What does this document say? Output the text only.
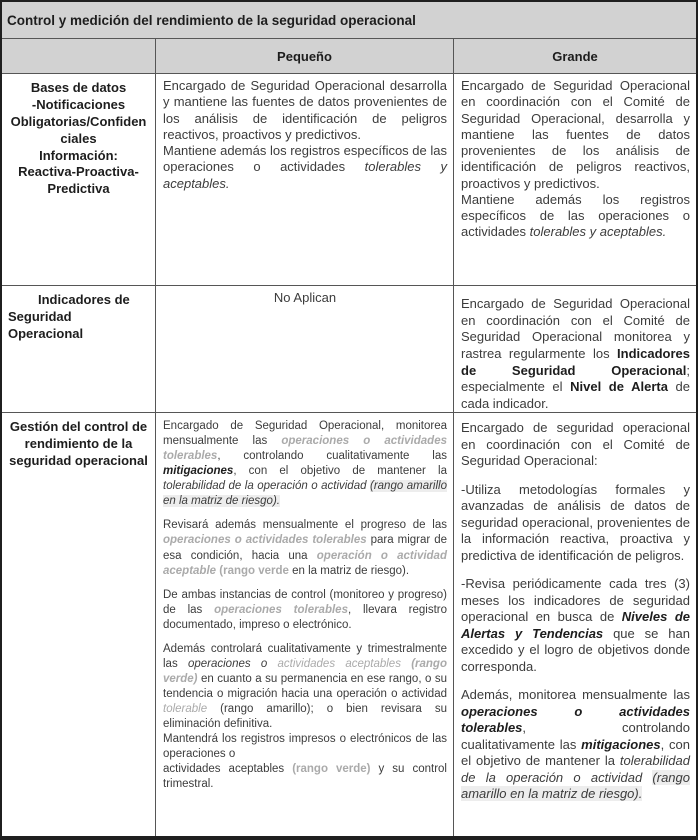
Control y medición del rendimiento de la seguridad operacional
Pequeño	Grande
Bases de datos
-Notificaciones Obligatorias/Confidenciales
Información:
Reactiva-Proactiva-Predictiva
Encargado de Seguridad Operacional desarrolla y mantiene las fuentes de datos provenientes de los análisis de identificación de peligros reactivos, proactivos y predictivos.
Mantiene además los registros específicos de las operaciones o actividades tolerables y aceptables.
Encargado de Seguridad Operacional en coordinación con el Comité de Seguridad Operacional, desarrolla y mantiene las fuentes de datos provenientes de los análisis de identificación de peligros reactivos, proactivos y predictivos.
Mantiene además los registros específicos de las operaciones o actividades tolerables y aceptables.
Indicadores de Seguridad Operacional
No Aplican	Encargado de Seguridad Operacional en coordinación con el Comité de Seguridad Operacional monitorea y rastrea regularmente los Indicadores de Seguridad Operacional; especialmente el Nivel de Alerta de cada indicador.
Gestión del control de rendimiento de la seguridad operacional
Encargado de Seguridad Operacional, monitorea mensualmente las operaciones o actividades tolerables, controlando cualitativamente las mitigaciones, con el objetivo de mantener la tolerabilidad de la operación o actividad (rango amarillo en la matriz de riesgo).
Revisará además mensualmente el progreso de las operaciones o actividades tolerables para migrar de esa condición, hacia una operación o actividad aceptable (rango verde en la matriz de riesgo).
De ambas instancias de control (monitoreo y progreso) de las operaciones tolerables, llevara registro documentado, impreso o electrónico.
Además controlará cualitativamente y trimestralmente las operaciones o actividades aceptables (rango verde) en cuanto a su permanencia en ese rango, o su tendencia o migración hacia una operación o actividad tolerable (rango amarillo); o bien revisara su eliminación definitiva.
Mantendrá los registros impresos o electrónicos de las operaciones o
actividades aceptables (rango verde) y su control trimestral.
Encargado de seguridad operacional en coordinación con el Comité de Seguridad Operacional:
-Utiliza metodologías formales y avanzadas de análisis de datos de seguridad operacional, provenientes de la información reactiva, proactiva y predictiva de identificación de peligros.
-Revisa periódicamente cada tres (3) meses los indicadores de seguridad operacional en busca de Niveles de Alertas y Tendencias que se han excedido y el logro de objetivos donde corresponda.
Además, monitorea mensualmente las operaciones o actividades tolerables, controlando cualitativamente las mitigaciones, con el objetivo de mantener la tolerabilidad de la operación o actividad (rango amarillo en la matriz de riesgo).
